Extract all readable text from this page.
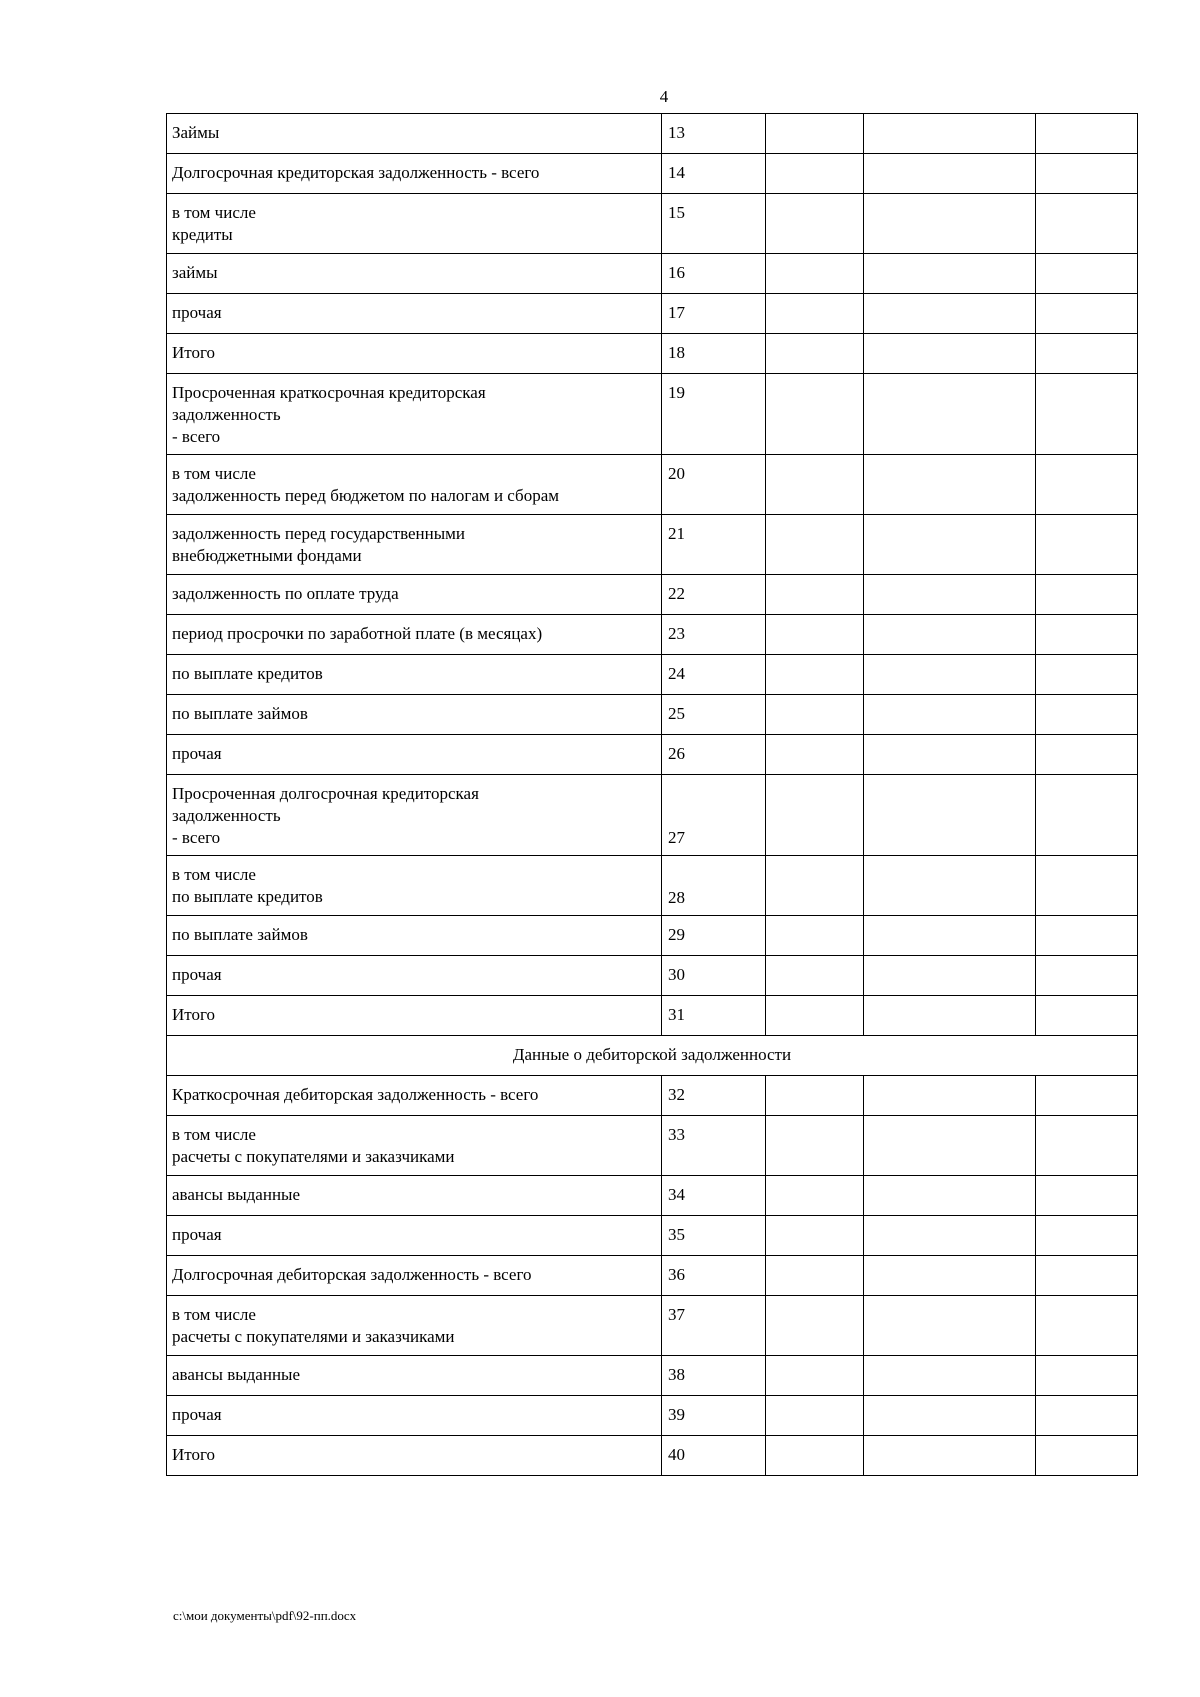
4
Займы	13			
Долгосрочная кредиторская задолженность - всего	14			
в том числе
кредиты	15			
займы	16			
прочая	17			
Итого	18			
Просроченная краткосрочная кредиторская
задолженность
- всего	19			
в том числе
задолженность перед бюджетом по налогам и сборам	20			
задолженность перед государственными
внебюджетными фондами	21			
задолженность по оплате труда	22			
период просрочки по заработной плате (в месяцах)	23			
по выплате кредитов	24			
по выплате займов	25			
прочая	26			
Просроченная долгосрочная кредиторская
задолженность
- всего	27			
в том числе
по выплате кредитов	28			
по выплате займов	29			
прочая	30			
Итого	31			
Данные о дебиторской задолженности				
Краткосрочная дебиторская задолженность - всего	32			
в том числе
расчеты с покупателями и заказчиками	33			
авансы выданные	34			
прочая	35			
Долгосрочная дебиторская задолженность - всего	36			
в том числе
расчеты с покупателями и заказчиками	37			
авансы выданные	38			
прочая	39			
Итого	40			
c:\мои документы\pdf\92-пп.docx
